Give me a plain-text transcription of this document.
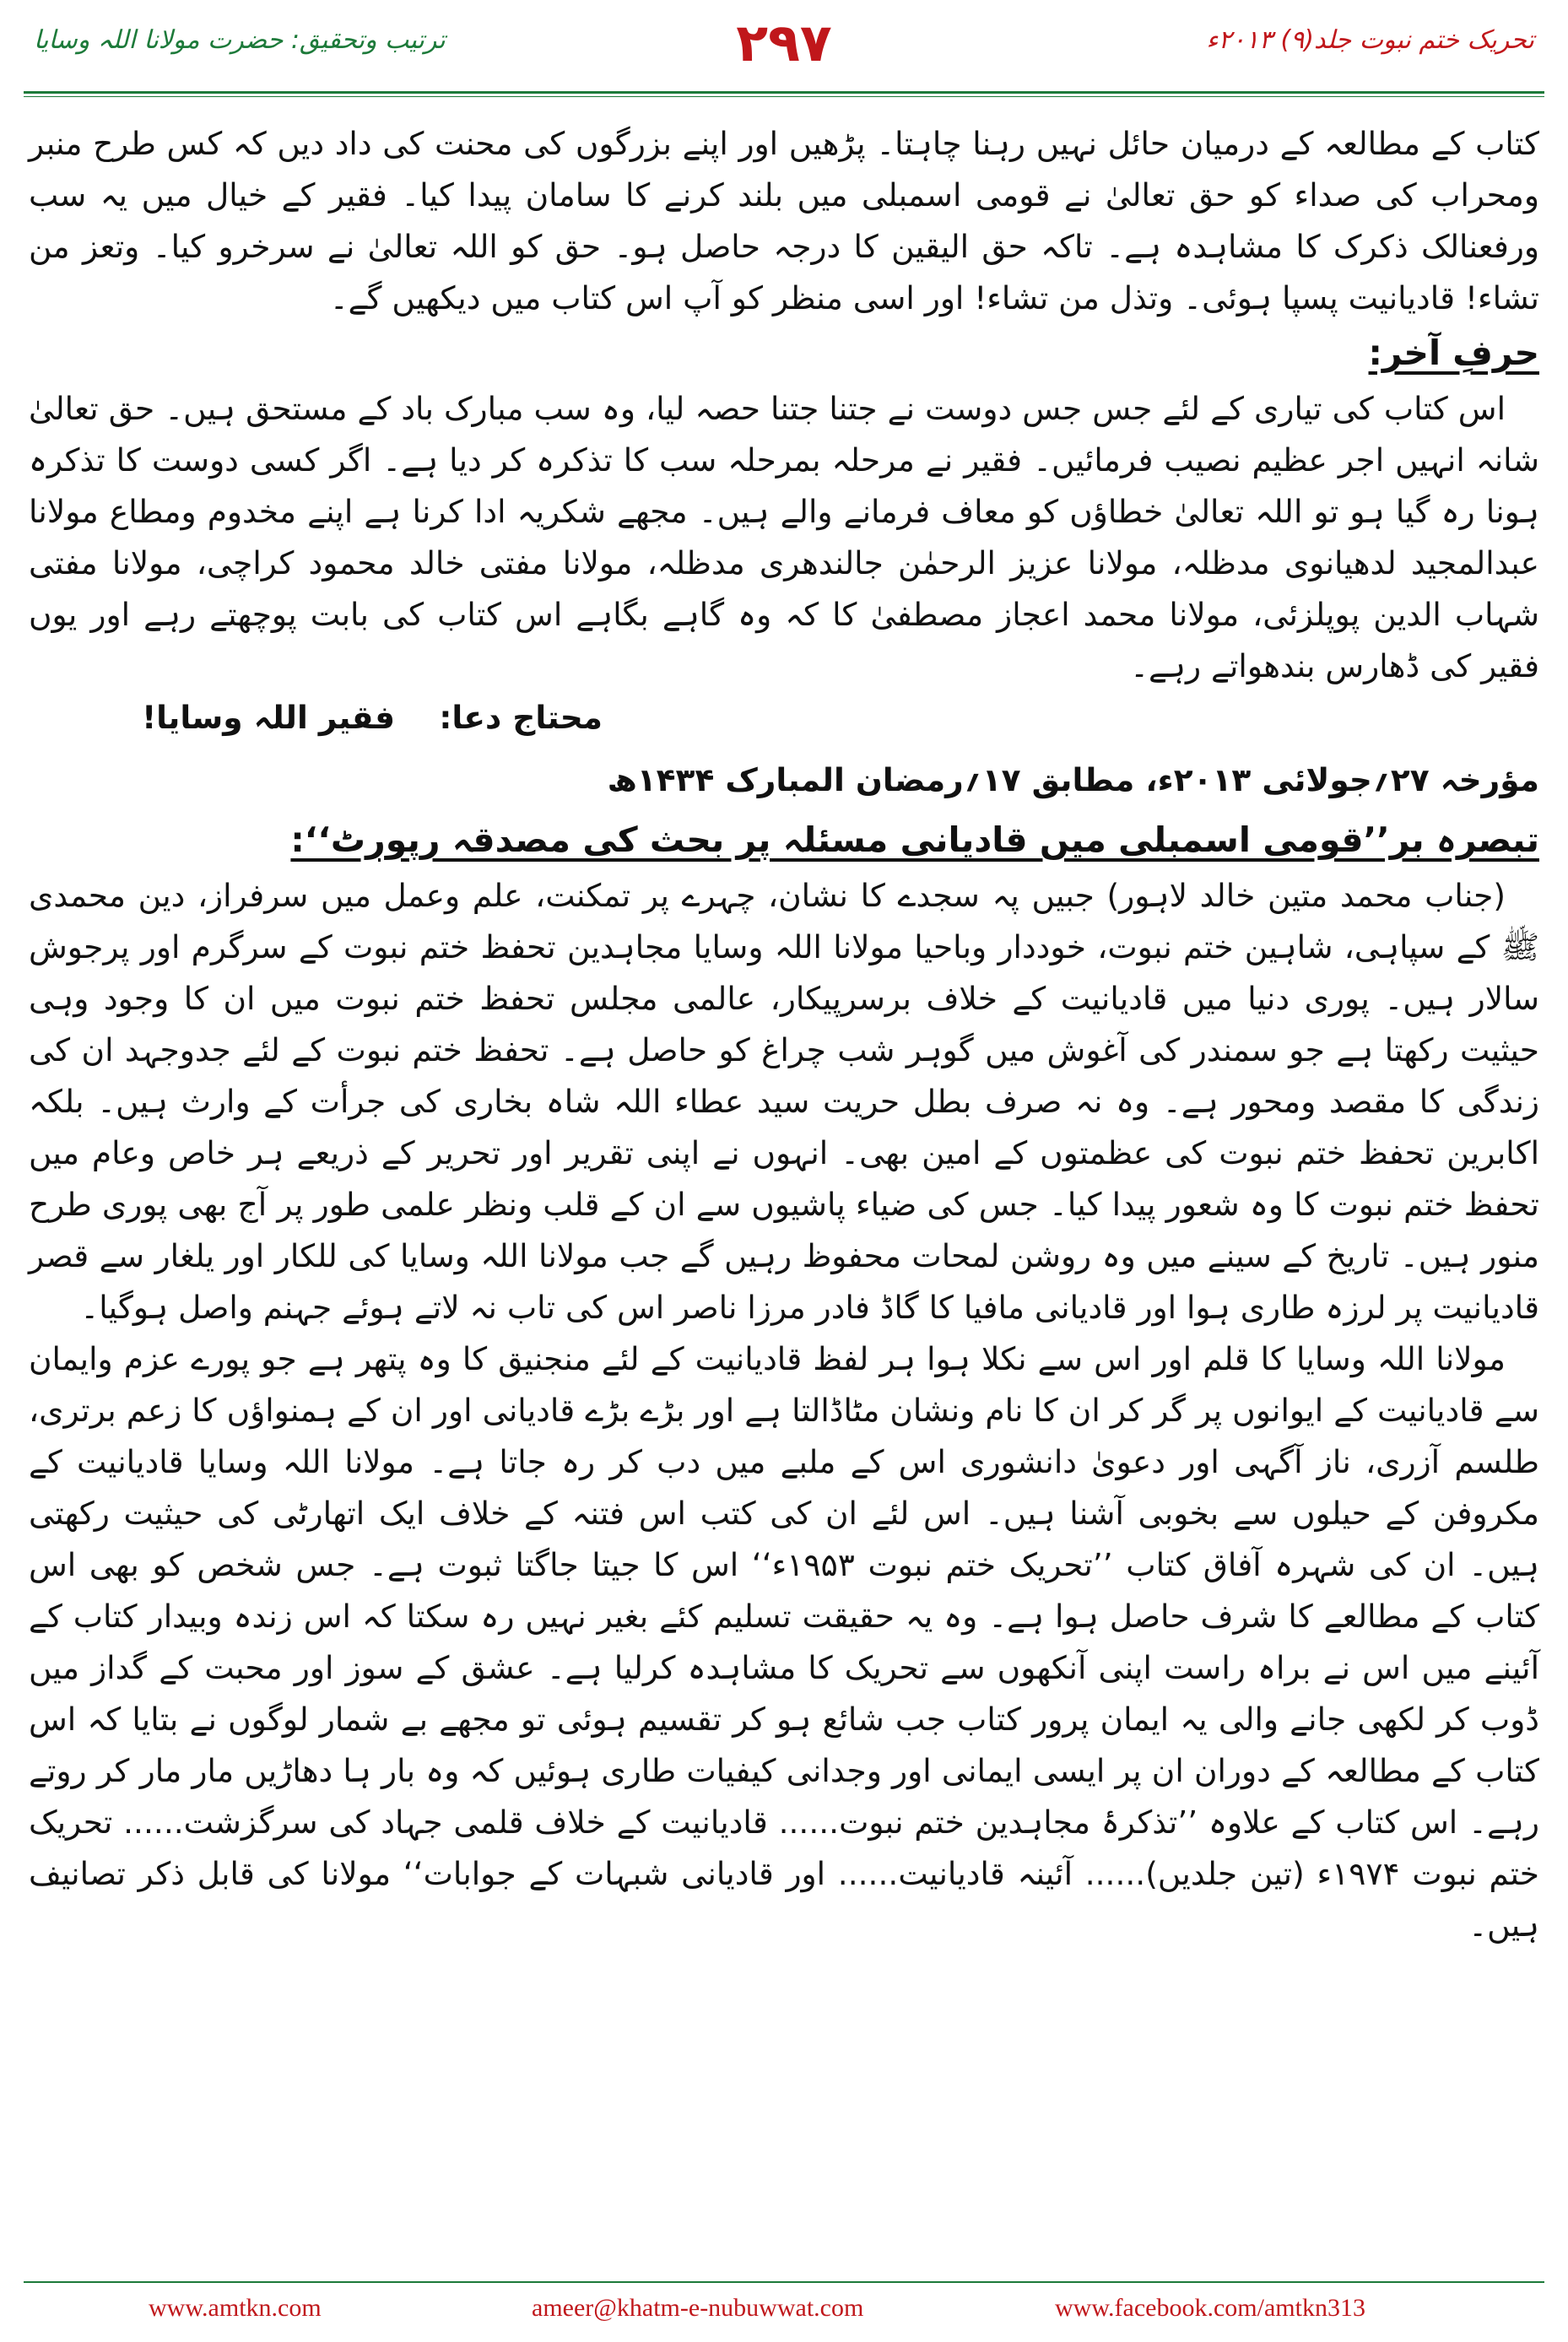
تحریک ختم نبوت جلد(۹) ۲۰۱۳ء
۲۹۷
ترتیب وتحقیق: حضرت مولانا اللہ وسایا

کتاب کے مطالعہ کے درمیان حائل نہیں رہنا چاہتا۔ پڑھیں اور اپنے بزرگوں کی محنت کی داد دیں کہ کس طرح منبر ومحراب کی صداء کو حق تعالیٰ نے قومی اسمبلی میں بلند کرنے کا سامان پیدا کیا۔ فقیر کے خیال میں یہ سب ورفعنالک ذکرک کا مشاہدہ ہے۔ تاکہ حق الیقین کا درجہ حاصل ہو۔ حق کو اللہ تعالیٰ نے سرخرو کیا۔ وتعز من تشاء! قادیانیت پسپا ہوئی۔ وتذل من تشاء! اور اسی منظر کو آپ اس کتاب میں دیکھیں گے۔

حرفِ آخر:

اس کتاب کی تیاری کے لئے جس جس دوست نے جتنا جتنا حصہ لیا، وہ سب مبارک باد کے مستحق ہیں۔ حق تعالیٰ شانہ انہیں اجر عظیم نصیب فرمائیں۔ فقیر نے مرحلہ بمرحلہ سب کا تذکرہ کر دیا ہے۔ اگر کسی دوست کا تذکرہ ہونا رہ گیا ہو تو اللہ تعالیٰ خطاؤں کو معاف فرمانے والے ہیں۔ مجھے شکریہ ادا کرنا ہے اپنے مخدوم ومطاع مولانا عبدالمجید لدھیانوی مدظلہ، مولانا عزیز الرحمٰن جالندھری مدظلہ، مولانا مفتی خالد محمود کراچی، مولانا مفتی شہاب الدین پوپلزئی، مولانا محمد اعجاز مصطفیٰ کا کہ وہ گاہے بگاہے اس کتاب کی بابت پوچھتے رہے اور یوں فقیر کی ڈھارس بندھواتے رہے۔

محتاج دعا:    فقیر اللہ وسایا!
مؤرخہ ۲۷؍جولائی ۲۰۱۳ء، مطابق ۱۷؍رمضان المبارک ۱۴۳۴ھ
تبصرہ بر’’قومی اسمبلی میں قادیانی مسئلہ پر بحث کی مصدقہ رپورٹ‘‘:

(جناب محمد متین خالد لاہور) جبیں پہ سجدے کا نشان، چہرے پر تمکنت، علم وعمل میں سرفراز، دین محمدی ﷺ کے سپاہی، شاہین ختم نبوت، خوددار وباحیا مولانا اللہ وسایا مجاہدین تحفظ ختم نبوت کے سرگرم اور پرجوش سالار ہیں۔ پوری دنیا میں قادیانیت کے خلاف برسرپیکار، عالمی مجلس تحفظ ختم نبوت میں ان کا وجود وہی حیثیت رکھتا ہے جو سمندر کی آغوش میں گوہر شب چراغ کو حاصل ہے۔ تحفظ ختم نبوت کے لئے جدوجہد ان کی زندگی کا مقصد ومحور ہے۔ وہ نہ صرف بطل حریت سید عطاء اللہ شاہ بخاری کی جرأت کے وارث ہیں۔ بلکہ اکابرین تحفظ ختم نبوت کی عظمتوں کے امین بھی۔ انہوں نے اپنی تقریر اور تحریر کے ذریعے ہر خاص وعام میں تحفظ ختم نبوت کا وہ شعور پیدا کیا۔ جس کی ضیاء پاشیوں سے ان کے قلب ونظر علمی طور پر آج بھی پوری طرح منور ہیں۔ تاریخ کے سینے میں وہ روشن لمحات محفوظ رہیں گے جب مولانا اللہ وسایا کی للکار اور یلغار سے قصر قادیانیت پر لرزہ طاری ہوا اور قادیانی مافیا کا گاڈ فادر مرزا ناصر اس کی تاب نہ لاتے ہوئے جہنم واصل ہوگیا۔

مولانا اللہ وسایا کا قلم اور اس سے نکلا ہوا ہر لفظ قادیانیت کے لئے منجنیق کا وہ پتھر ہے جو پورے عزم وایمان سے قادیانیت کے ایوانوں پر گر کر ان کا نام ونشان مٹاڈالتا ہے اور بڑے بڑے قادیانی اور ان کے ہمنواؤں کا زعم برتری، طلسم آزری، ناز آگہی اور دعویٰ دانشوری اس کے ملبے میں دب کر رہ جاتا ہے۔ مولانا اللہ وسایا قادیانیت کے مکروفن کے حیلوں سے بخوبی آشنا ہیں۔ اس لئے ان کی کتب اس فتنہ کے خلاف ایک اتھارٹی کی حیثیت رکھتی ہیں۔ ان کی شہرہ آفاق کتاب ’’تحریک ختم نبوت ۱۹۵۳ء‘‘ اس کا جیتا جاگتا ثبوت ہے۔ جس شخص کو بھی اس کتاب کے مطالعے کا شرف حاصل ہوا ہے۔ وہ یہ حقیقت تسلیم کئے بغیر نہیں رہ سکتا کہ اس زندہ وبیدار کتاب کے آئینے میں اس نے براہ راست اپنی آنکھوں سے تحریک کا مشاہدہ کرلیا ہے۔ عشق کے سوز اور محبت کے گداز میں ڈوب کر لکھی جانے والی یہ ایمان پرور کتاب جب شائع ہو کر تقسیم ہوئی تو مجھے بے شمار لوگوں نے بتایا کہ اس کتاب کے مطالعہ کے دوران ان پر ایسی ایمانی اور وجدانی کیفیات طاری ہوئیں کہ وہ بار ہا دھاڑیں مار مار کر روتے رہے۔ اس کتاب کے علاوہ ’’تذکرۂ مجاہدین ختم نبوت...... قادیانیت کے خلاف قلمی جہاد کی سرگزشت...... تحریک ختم نبوت ۱۹۷۴ء (تین جلدیں)...... آئینہ قادیانیت...... اور قادیانی شبہات کے جوابات‘‘ مولانا کی قابل ذکر تصانیف ہیں۔

www.amtkn.com	ameer@khatm-e-nubuwwat.com	www.facebook.com/amtkn313
